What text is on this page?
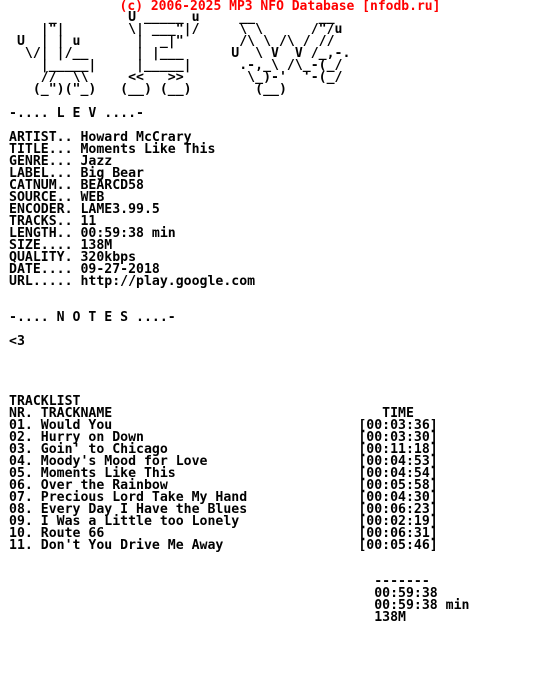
(c) 2006-2025 MP3 NFO Database [nfodb.ru]
_         U _____ u     __        __
|"|        \| ___"|/     \ \      /"/u
U  | | u       |  _|"       /\ \ /\ / //
\/| |/__      | |___      U  \ V  V /_,-.
|_____|     |_____|      .-,_\ /\_-(_/
//  \\     <<   >>        \_)-'  '-(_/
(_")("_)   (__) (__)        (__)

-.... L E V ....-

ARTIST.. Howard McCrary
TITLE... Moments Like This
GENRE... Jazz
LABEL... Big Bear
CATNUM.. BEARCD58
SOURCE.. WEB
ENCODER. LAME3.99.5
TRACKS.. 11
LENGTH.. 00:59:38 min
SIZE.... 138M
QUALITY. 320kbps
DATE.... 09-27-2018
URL..... http://play.google.com

-.... N O T E S ....-

<3

TRACKLIST
NR. TRACKNAME                                  TIME
01. Would You                               [00:03:36]
02. Hurry on Down                           [00:03:30]
03. Goin' to Chicago                        [00:11:18]
04. Moody's Mood for Love                   [00:04:53]
05. Moments Like This                       [00:04:54]
06. Over the Rainbow                        [00:05:58]
07. Precious Lord Take My Hand              [00:04:30]
08. Every Day I Have the Blues              [00:06:23]
09. I Was a Little too Lonely               [00:02:19]
10. Route 66                                [00:06:31]
11. Don't You Drive Me Away                 [00:05:46]

-------
00:59:38
00:59:38 min
138M
